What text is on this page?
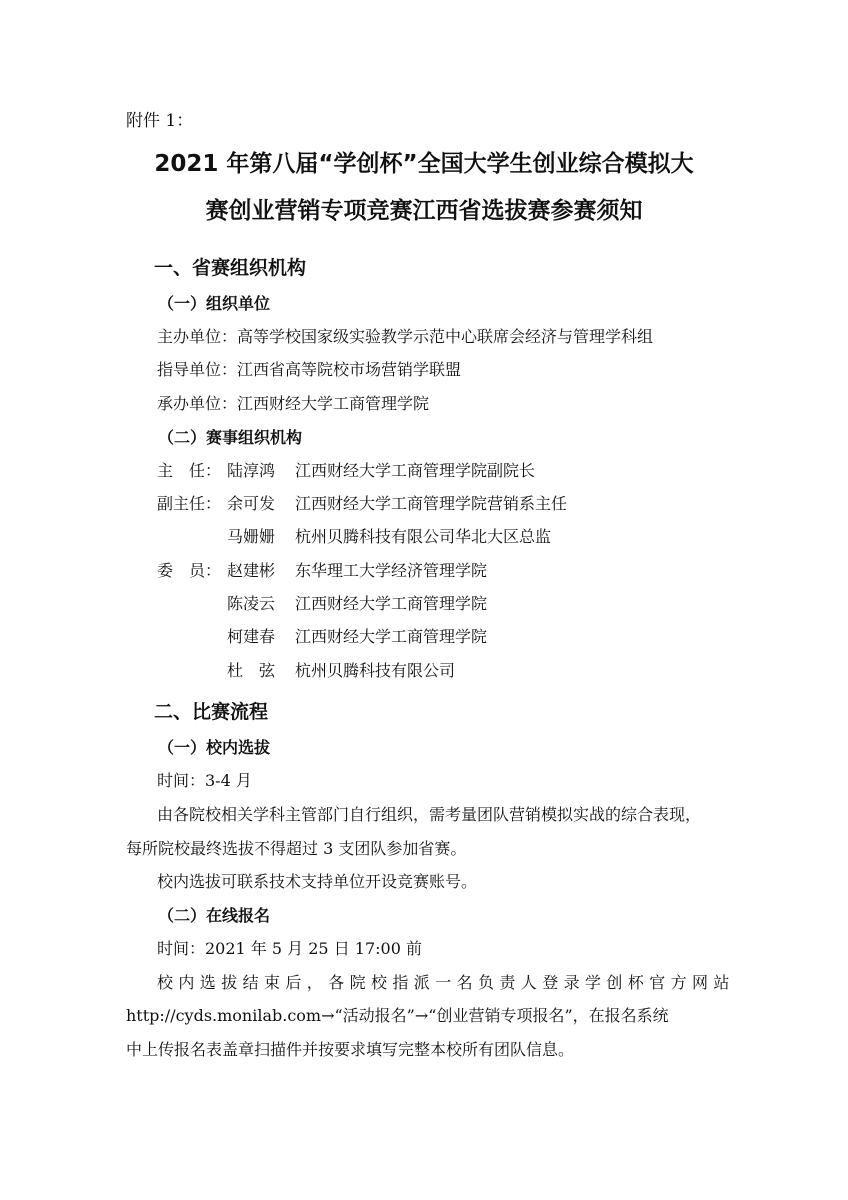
附件 1：
2021 年第八届“学创杯”全国大学生创业综合模拟大
赛创业营销专项竞赛江西省选拔赛参赛须知
一、省赛组织机构
（一）组织单位
主办单位：高等学校国家级实验教学示范中心联席会经济与管理学科组
指导单位：江西省高等院校市场营销学联盟
承办单位：江西财经大学工商管理学院
（二）赛事组织机构
主　任： 陆淳鸿 江西财经大学工商管理学院副院长
副主任： 余可发 江西财经大学工商管理学院营销系主任
马姗姗 杭州贝腾科技有限公司华北大区总监
委　员： 赵建彬 东华理工大学经济管理学院
陈凌云 江西财经大学工商管理学院
柯建春 江西财经大学工商管理学院
杜　弦 杭州贝腾科技有限公司
二、比赛流程
（一）校内选拔
时间：3-4 月
由各院校相关学科主管部门自行组织，需考量团队营销模拟实战的综合表现，
每所院校最终选拔不得超过 3 支团队参加省赛。
校内选拔可联系技术支持单位开设竞赛账号。
（二）在线报名
时间：2021 年 5 月 25 日 17:00 前
校内选拔结束后，各院校指派一名负责人登录学创杯官方网站
http://cyds.monilab.com→“活动报名”→“创业营销专项报名”，在报名系统
中上传报名表盖章扫描件并按要求填写完整本校所有团队信息。
